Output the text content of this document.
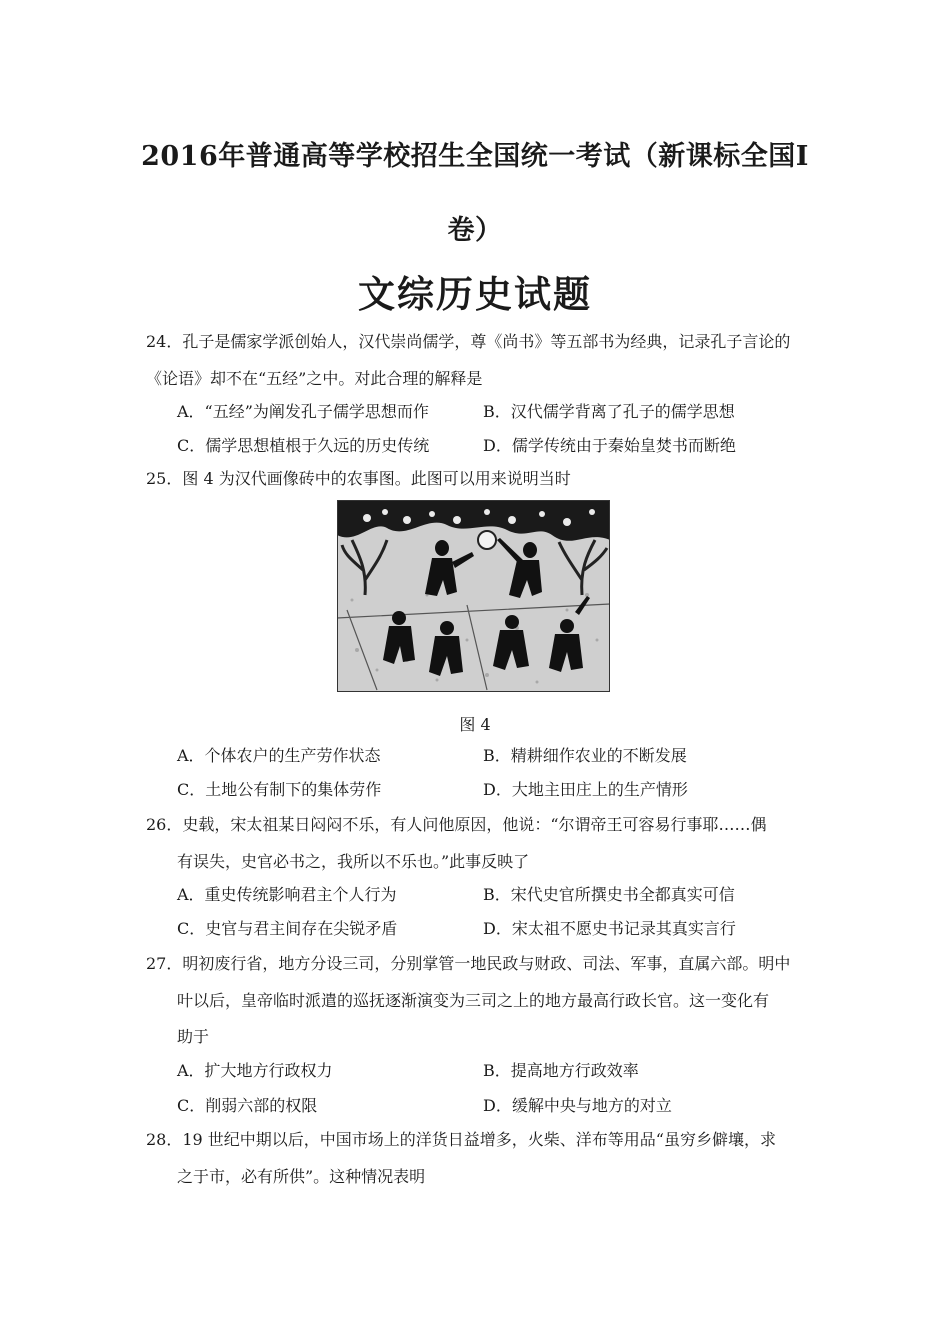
2016年普通高等学校招生全国统一考试（新课标全国Ⅰ
卷）
文综历史试题
24．孔子是儒家学派创始人，汉代崇尚儒学，尊《尚书》等五部书为经典，记录孔子言论的
《论语》却不在“五经”之中。对此合理的解释是
A．“五经”为阐发孔子儒学思想而作	B．汉代儒学背离了孔子的儒学思想
C．儒学思想植根于久远的历史传统	D．儒学传统由于秦始皇焚书而断绝
25．图 4 为汉代画像砖中的农事图。此图可以用来说明当时
图 4
A．个体农户的生产劳作状态	B．精耕细作农业的不断发展
C．土地公有制下的集体劳作	D．大地主田庄上的生产情形
26．史载，宋太祖某日闷闷不乐，有人问他原因，他说：“尔谓帝王可容易行事耶……偶
有误失，史官必书之，我所以不乐也。”此事反映了
A．重史传统影响君主个人行为	B．宋代史官所撰史书全都真实可信
C．史官与君主间存在尖锐矛盾	D．宋太祖不愿史书记录其真实言行
27．明初废行省，地方分设三司，分别掌管一地民政与财政、司法、军事，直属六部。明中
叶以后，皇帝临时派遣的巡抚逐渐演变为三司之上的地方最高行政长官。这一变化有
助于
A．扩大地方行政权力	B．提高地方行政效率
C．削弱六部的权限	D．缓解中央与地方的对立
28．19 世纪中期以后，中国市场上的洋货日益增多，火柴、洋布等用品“虽穷乡僻壤，求
之于市，必有所供”。这种情况表明
